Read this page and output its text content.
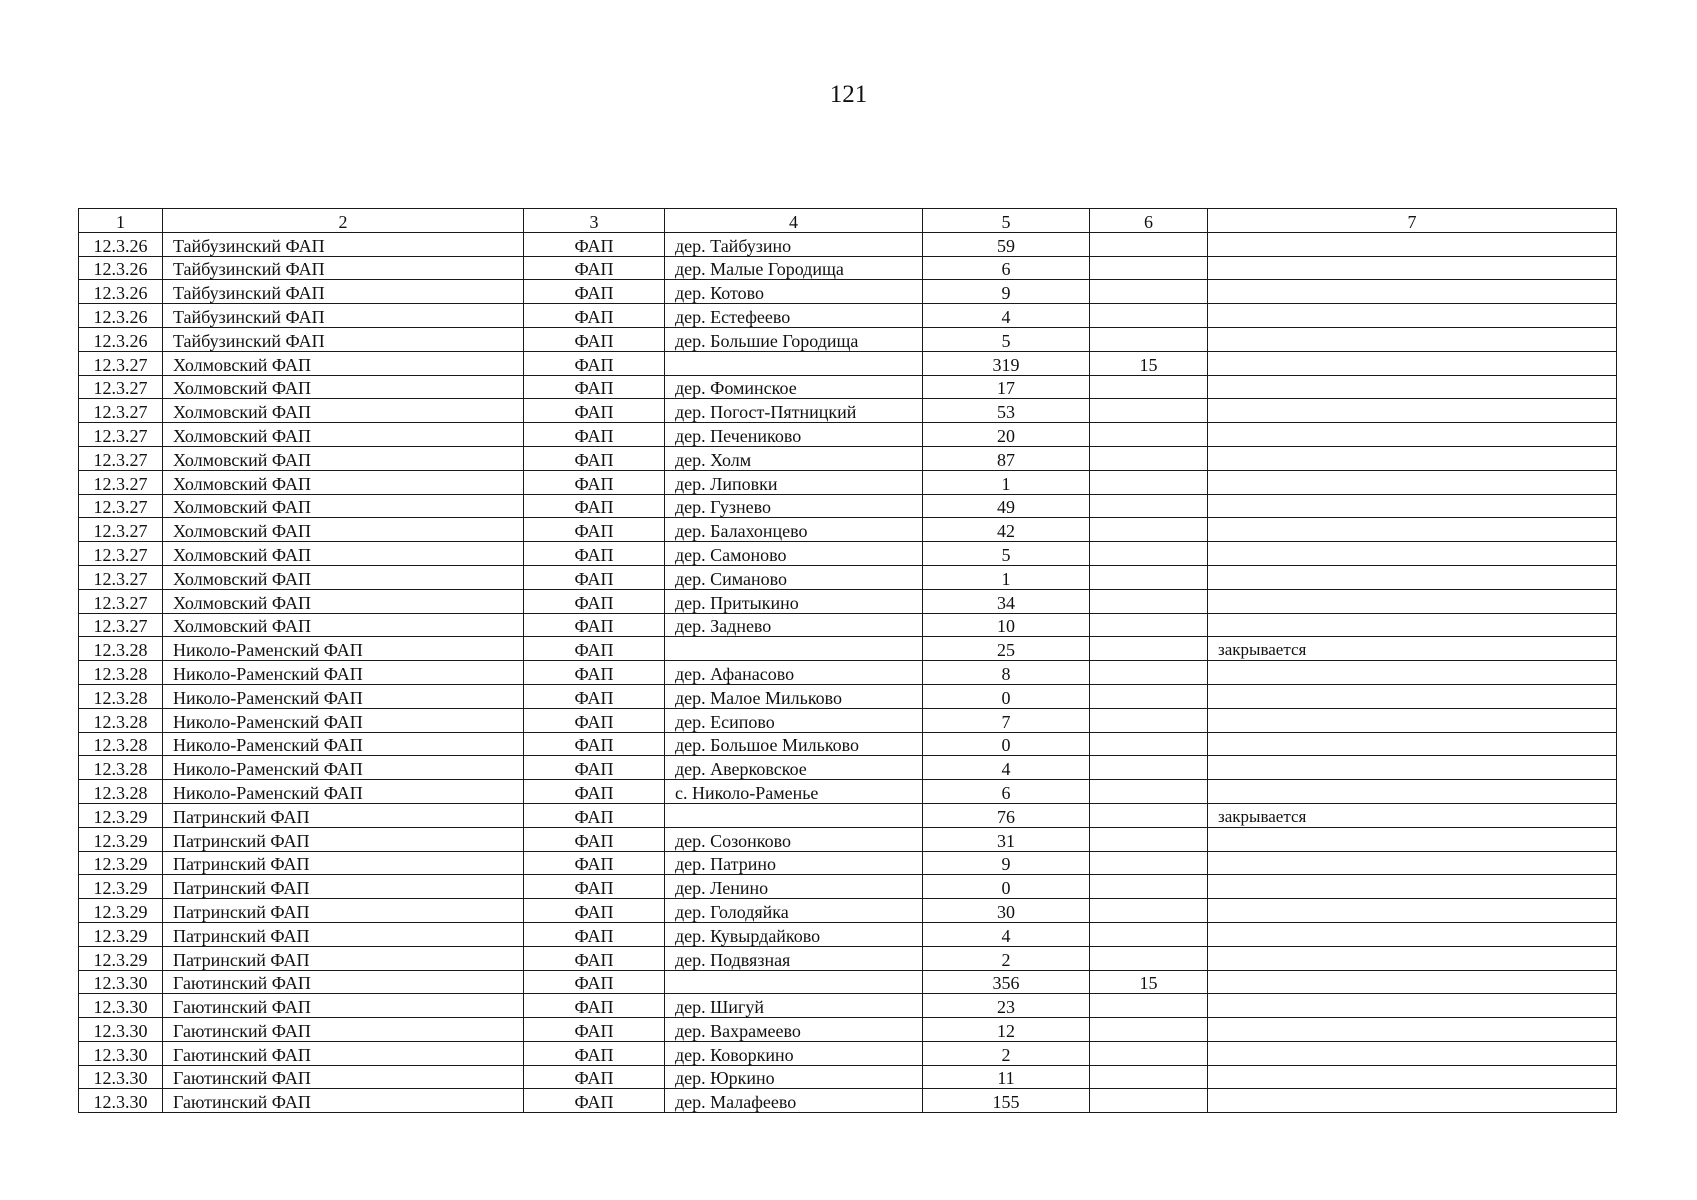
121
1	2	3	4	5	6	7
12.3.26	Тайбузинский ФАП	ФАП	дер. Тайбузино	59		
12.3.26	Тайбузинский ФАП	ФАП	дер. Малые Городища	6		
12.3.26	Тайбузинский ФАП	ФАП	дер. Котово	9		
12.3.26	Тайбузинский ФАП	ФАП	дер. Естефеево	4		
12.3.26	Тайбузинский ФАП	ФАП	дер. Большие Городища	5		
12.3.27	Холмовский ФАП	ФАП		319	15	
12.3.27	Холмовский ФАП	ФАП	дер. Фоминское	17		
12.3.27	Холмовский ФАП	ФАП	дер. Погост-Пятницкий	53		
12.3.27	Холмовский ФАП	ФАП	дер. Печениково	20		
12.3.27	Холмовский ФАП	ФАП	дер. Холм	87		
12.3.27	Холмовский ФАП	ФАП	дер. Липовки	1		
12.3.27	Холмовский ФАП	ФАП	дер. Гузнево	49		
12.3.27	Холмовский ФАП	ФАП	дер. Балахонцево	42		
12.3.27	Холмовский ФАП	ФАП	дер. Самоново	5		
12.3.27	Холмовский ФАП	ФАП	дер. Симаново	1		
12.3.27	Холмовский ФАП	ФАП	дер. Притыкино	34		
12.3.27	Холмовский ФАП	ФАП	дер. Заднево	10		
12.3.28	Николо-Раменский ФАП	ФАП		25		закрывается
12.3.28	Николо-Раменский ФАП	ФАП	дер. Афанасово	8		
12.3.28	Николо-Раменский ФАП	ФАП	дер. Малое Мильково	0		
12.3.28	Николо-Раменский ФАП	ФАП	дер. Есипово	7		
12.3.28	Николо-Раменский ФАП	ФАП	дер. Большое Мильково	0		
12.3.28	Николо-Раменский ФАП	ФАП	дер. Аверковское	4		
12.3.28	Николо-Раменский ФАП	ФАП	с. Николо-Раменье	6		
12.3.29	Патринский ФАП	ФАП		76		закрывается
12.3.29	Патринский ФАП	ФАП	дер. Созонково	31		
12.3.29	Патринский ФАП	ФАП	дер. Патрино	9		
12.3.29	Патринский ФАП	ФАП	дер. Ленино	0		
12.3.29	Патринский ФАП	ФАП	дер. Голодяйка	30		
12.3.29	Патринский ФАП	ФАП	дер. Кувырдайково	4		
12.3.29	Патринский ФАП	ФАП	дер. Подвязная	2		
12.3.30	Гаютинский ФАП	ФАП		356	15	
12.3.30	Гаютинский ФАП	ФАП	дер. Шигуй	23		
12.3.30	Гаютинский ФАП	ФАП	дер. Вахрамеево	12		
12.3.30	Гаютинский ФАП	ФАП	дер. Коворкино	2		
12.3.30	Гаютинский ФАП	ФАП	дер. Юркино	11		
12.3.30	Гаютинский ФАП	ФАП	дер. Малафеево	155		
